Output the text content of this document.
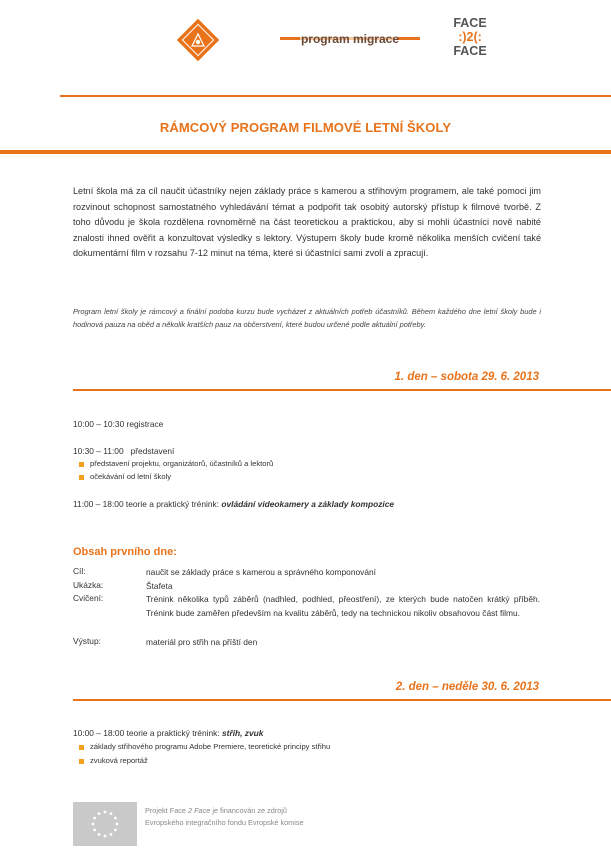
program migrace
FACE
:)2(:
FACE
RÁMCOVÝ PROGRAM FILMOVÉ LETNÍ ŠKOLY
Letní škola má za cíl naučit účastníky nejen základy práce s kamerou a střihovým programem, ale také pomoci jim rozvinout schopnost samostatného vyhledávání témat a podpořit tak osobitý autorský přístup k filmové tvorbě. Z toho důvodu je škola rozdělena rovnoměrně na část teoretickou a praktickou, aby si mohli účastníci nově nabité znalosti ihned ověřit a konzultovat výsledky s lektory. Výstupem školy bude kromě několika menších cvičení také dokumentární film v rozsahu 7-12 minut na téma, které si účastníci sami zvolí a zpracují.
Program letní školy je rámcový a finální podoba kurzu bude vycházet z aktuálních potřeb účastníků. Během každého dne letní školy bude i hodinová pauza na oběd a několik kratších pauz na občerstvení, které budou určené podle aktuální potřeby.
1. den – sobota 29. 6. 2013
10:00 – 10:30 registrace
10:30 – 11:00 představení
představení projektu, organizátorů, účastníků a lektorů
očekávání od letní školy
11:00 – 18:00 teorie a praktický trénink: ovládání videokamery a základy kompozice
Obsah prvního dne:
Cíl:	naučit se základy práce s kamerou a správného komponování
Ukázka:	Štafeta
Cvičení:	Trénink několika typů záběrů (nadhled, podhled, přeostření), ze kterých bude natočen krátký příběh. Trénink bude zaměřen především na kvalitu záběrů, tedy na technickou nikoliv obsahovou část filmu.
Výstup:	materiál pro střih na příští den
2. den – neděle 30. 6. 2013
10:00 – 18:00 teorie a praktický trénink: střih, zvuk
základy střihového programu Adobe Premiere, teoretické principy střihu
zvuková reportáž
Projekt Face 2 Face je financován ze zdrojů
Evropského integračního fondu Evropské komise
